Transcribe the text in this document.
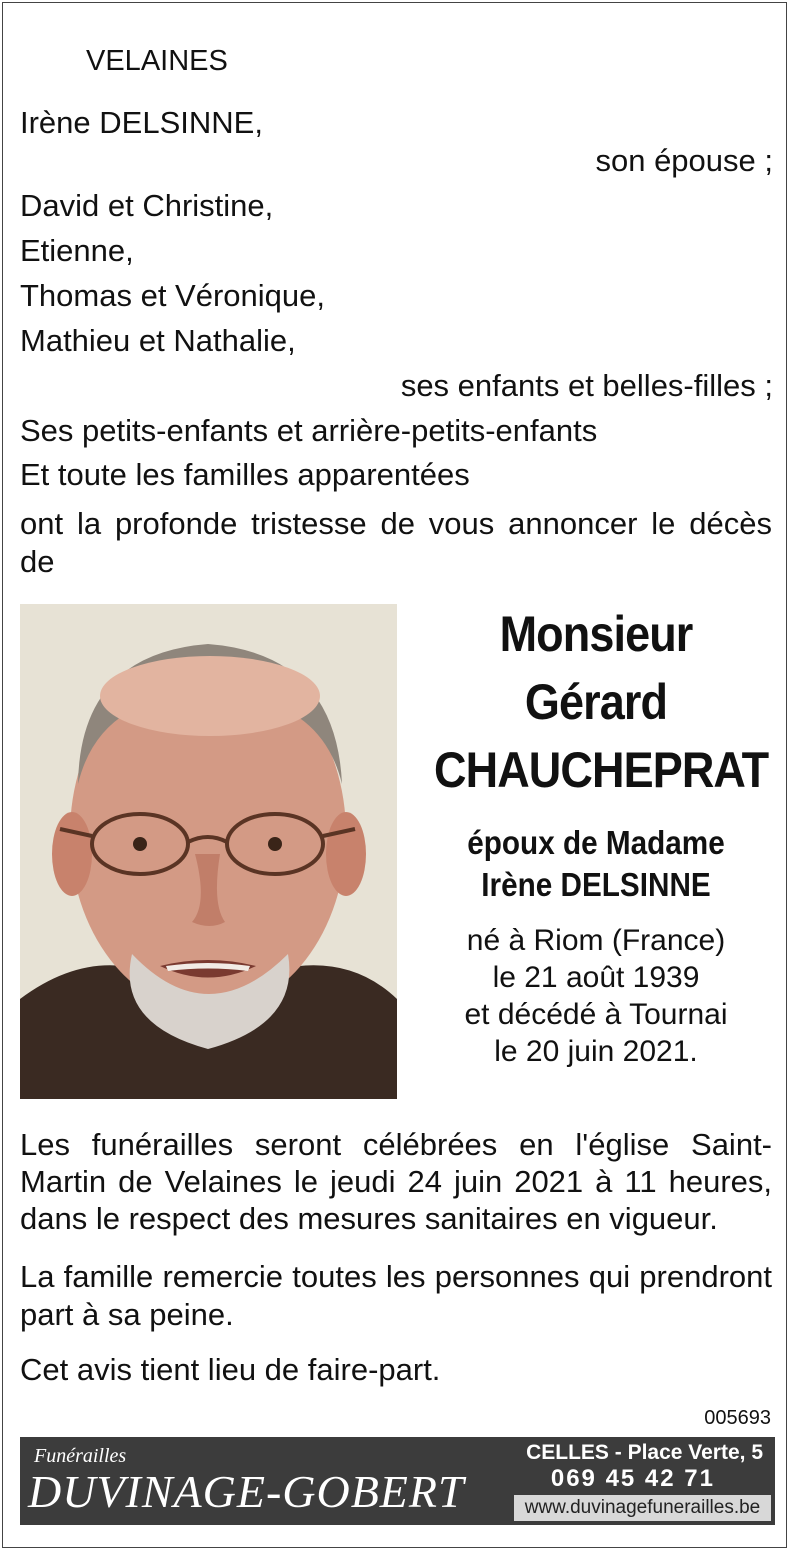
VELAINES
Irène DELSINNE,
son épouse ;
David et Christine,
Etienne,
Thomas et Véronique,
Mathieu et Nathalie,
ses enfants et belles-filles ;
Ses petits-enfants et arrière-petits-enfants
Et toute les familles apparentées
ont la profonde tristesse de vous annoncer le décès de
Monsieur
Gérard
CHAUCHEPRAT
époux de Madame
Irène DELSINNE
né à Riom (France)
le 21 août 1939
et décédé à Tournai
le 20 juin 2021.
Les funérailles seront célébrées en l'église Saint-Martin de Velaines le jeudi 24 juin 2021 à 11 heures, dans le respect des mesures sanitaires en vigueur.
La famille remercie toutes les personnes qui prendront part à sa peine.
Cet avis tient lieu de faire-part.
005693
Funérailles
DUVINAGE-GOBERT
CELLES - Place Verte, 5
069 45 42 71
www.duvinagefunerailles.be
